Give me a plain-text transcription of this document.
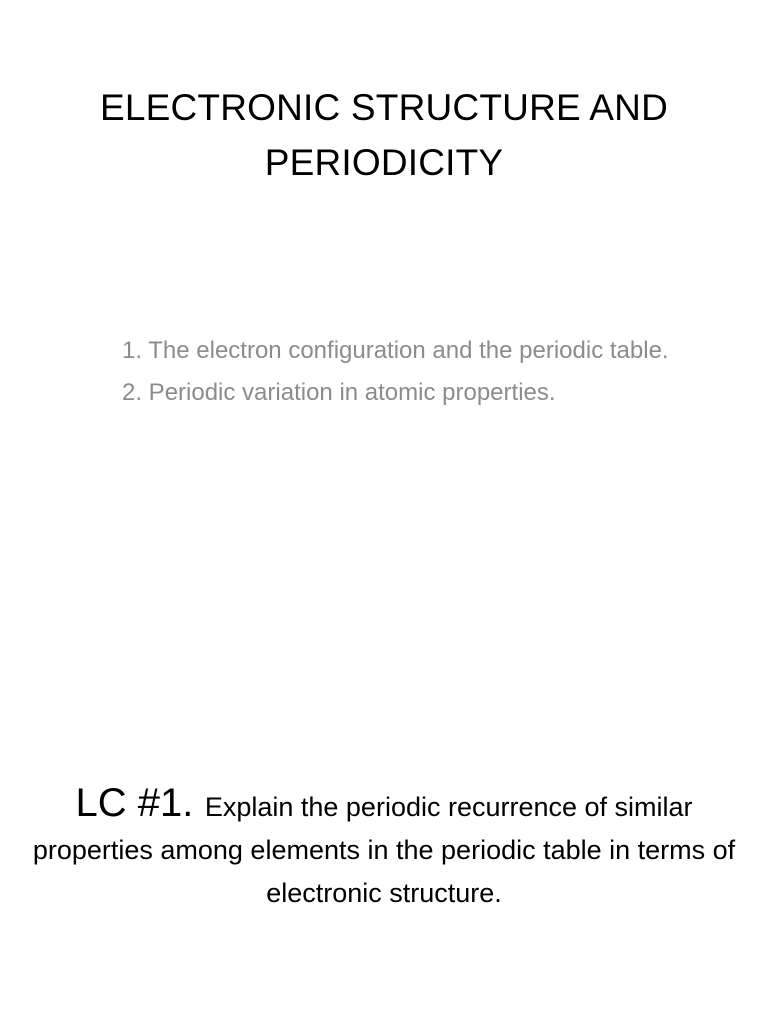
ELECTRONIC STRUCTURE AND
PERIODICITY
1. The electron configuration and the periodic table.
2. Periodic variation in atomic properties.

LC #1. Explain the periodic recurrence of similar properties among elements in the periodic table in terms of electronic structure.
